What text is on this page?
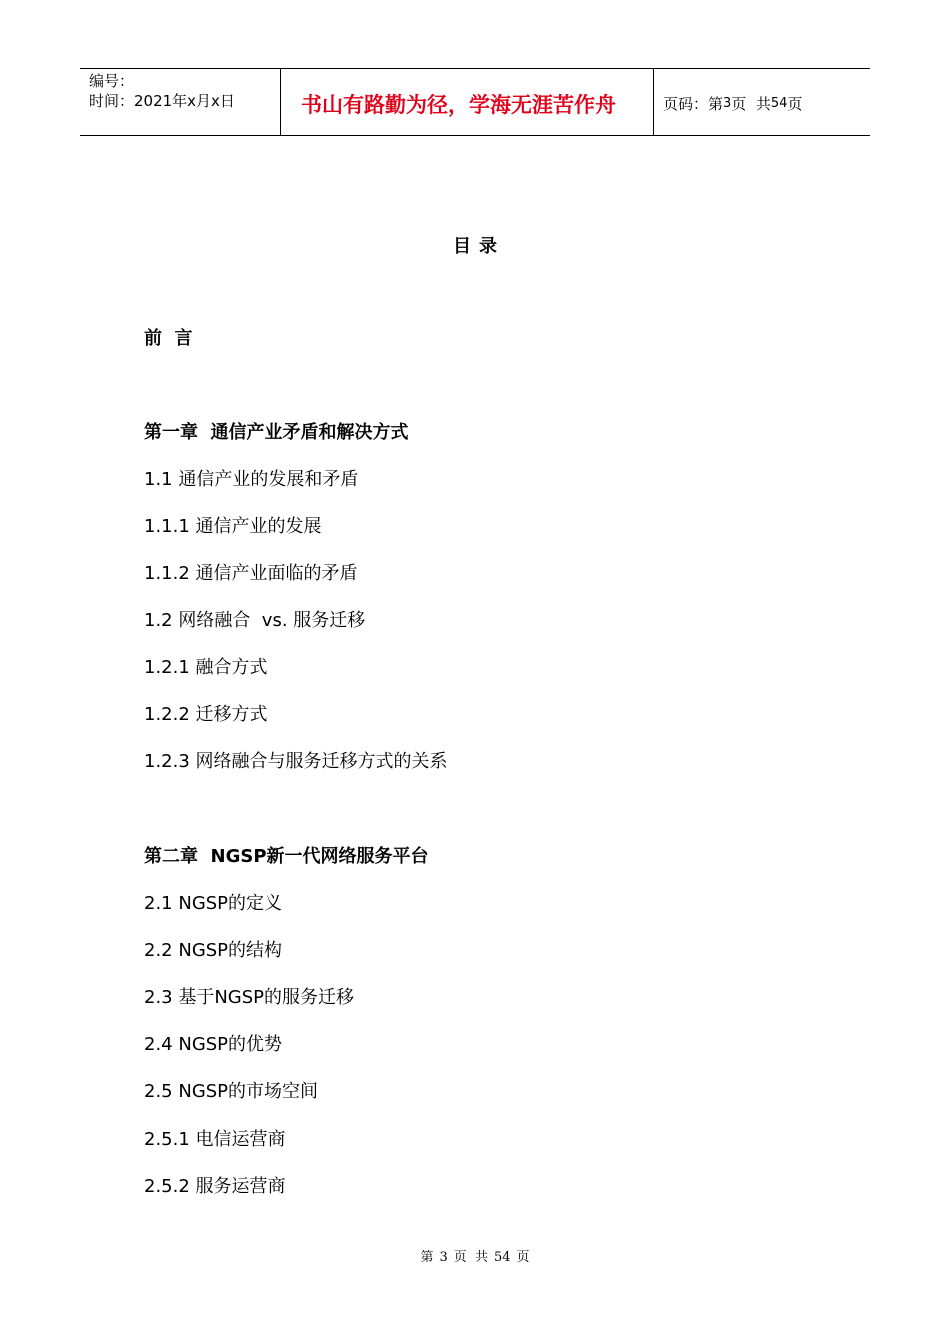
编号：
时间：2021年x月x日	书山有路勤为径，学海无涯苦作舟	页码：第 3 页  共 54 页
目录
前  言
第一章  通信产业矛盾和解决方式
1.1 通信产业的发展和矛盾
1.1.1 通信产业的发展
1.1.2 通信产业面临的矛盾
1.2 网络融合  vs. 服务迁移
1.2.1 融合方式
1.2.2 迁移方式
1.2.3 网络融合与服务迁移方式的关系
第二章  NGSP新一代网络服务平台
2.1 NGSP的定义
2.2 NGSP的结构
2.3 基于NGSP的服务迁移
2.4 NGSP的优势
2.5 NGSP的市场空间
2.5.1 电信运营商
2.5.2 服务运营商
第 3 页  共 54 页
